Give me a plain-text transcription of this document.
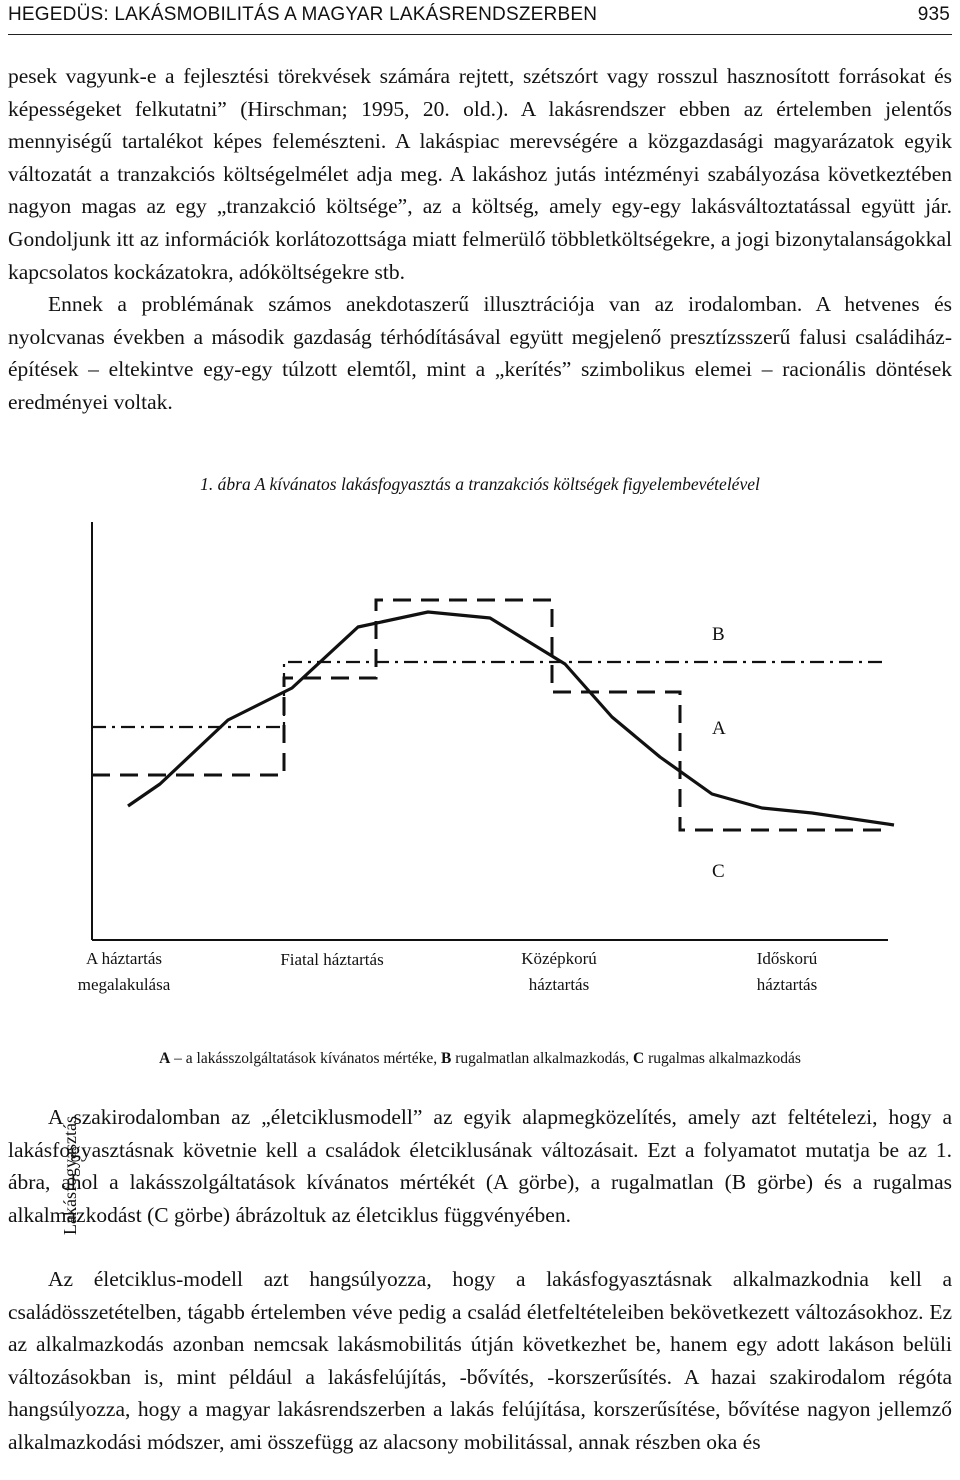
HEGEDÜS: LAKÁSMOBILITÁS A MAGYAR LAKÁSRENDSZERBEN	935

pesek vagyunk-e a fejlesztési törekvések számára rejtett, szétszórt vagy rosszul hasznosított forrásokat és képességeket felkutatni” (Hirschman; 1995, 20. old.). A lakásrendszer ebben az értelemben jelentős mennyiségű tartalékot képes felemészteni. A lakáspiac merevségére a közgazdasági magyarázatok egyik változatát a tranzakciós költségelmélet adja meg. A lakáshoz jutás intézményi szabályozása következtében nagyon magas az egy „tranzakció költsége”, az a költség, amely egy-egy lakásváltoztatással együtt jár. Gondoljunk itt az információk korlátozottsága miatt felmerülő többletköltségekre, a jogi bizonytalanságokkal kapcsolatos kockázatokra, adóköltségekre stb.
Ennek a problémának számos anekdotaszerű illusztrációja van az irodalomban. A hetvenes és nyolcvanas években a második gazdaság térhódításával együtt megjelenő presztízsszerű falusi családiház-építések – eltekintve egy-egy túlzott elemtől, mint a „kerítés” szimbolikus elemei – racionális döntések eredményei voltak.

1. ábra A kívánatos lakásfogyasztás a tranzakciós költségek figyelembevételével
Lakásfogyasztás
B
A
C
A háztartás
megalakulása
Fiatal háztartás	Középkorú
háztartás
Időskorú
háztartás
A – a lakásszolgáltatások kívánatos mértéke, B rugalmatlan alkalmazkodás, C rugalmas alkalmazkodás

A szakirodalomban az „életciklusmodell” az egyik alapmegközelítés, amely azt feltételezi, hogy a lakásfogyasztásnak követnie kell a családok életciklusának változásait. Ezt a folyamatot mutatja be az 1. ábra, ahol a lakásszolgáltatások kívánatos mértékét (A görbe), a rugalmatlan (B görbe) és a rugalmas alkalmazkodást (C görbe) ábrázoltuk az életciklus függvényében.

Az életciklus-modell azt hangsúlyozza, hogy a lakásfogyasztásnak alkalmazkodnia kell a családösszetételben, tágabb értelemben véve pedig a család életfeltételeiben bekövetkezett változásokhoz. Ez az alkalmazkodás azonban nemcsak lakásmobilitás útján következhet be, hanem egy adott lakáson belüli változásokban is, mint például a lakásfelújítás, -bővítés, -korszerűsítés. A hazai szakirodalom régóta hangsúlyozza, hogy a magyar lakásrendszerben a lakás felújítása, korszerűsítése, bővítése nagyon jellemző alkalmazkodási módszer, ami összefügg az alacsony mobilitással, annak részben oka és
